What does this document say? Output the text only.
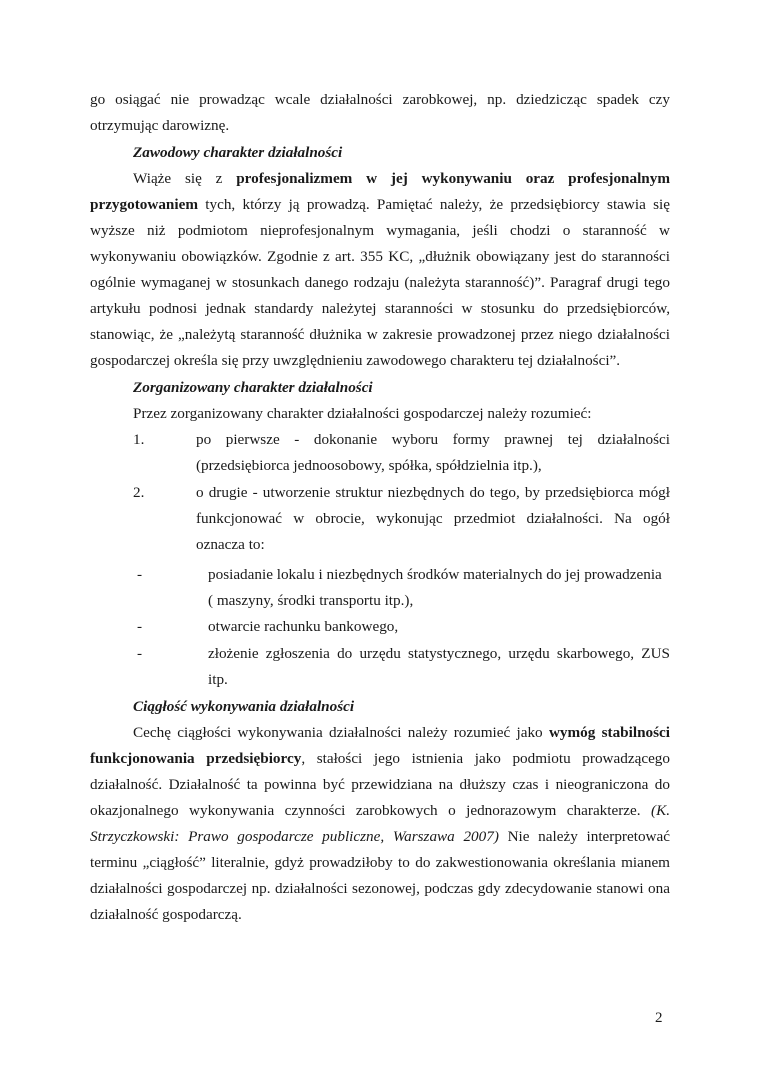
go osiągać nie prowadząc wcale działalności zarobkowej, np. dziedzicząc spadek czy
otrzymując darowiznę.
Zawodowy charakter działalności
Wiąże się z profesjonalizmem w jej wykonywaniu oraz profesjonalnym
przygotowaniem tych, którzy ją prowadzą. Pamiętać należy, że przedsiębiorcy stawia się
wyższe niż podmiotom nieprofesjonalnym wymagania, jeśli chodzi o staranność w
wykonywaniu obowiązków. Zgodnie z art. 355 KC, „dłużnik obowiązany jest do staranności
ogólnie wymaganej w stosunkach danego rodzaju (należyta staranność)”. Paragraf drugi tego
artykułu podnosi jednak standardy należytej staranności w stosunku do przedsiębiorców,
stanowiąc, że „należytą staranność dłużnika w zakresie prowadzonej przez niego działalności
gospodarczej określa się przy uwzględnieniu zawodowego charakteru tej działalności”.
Zorganizowany charakter działalności
Przez zorganizowany charakter działalności gospodarczej należy rozumieć:
1.	po pierwsze - dokonanie wyboru formy prawnej tej działalności
(przedsiębiorca jednoosobowy, spółka, spółdzielnia itp.),
2.	o drugie - utworzenie struktur niezbędnych do tego, by przedsiębiorca mógł
funkcjonować w obrocie, wykonując przedmiot działalności. Na ogół
oznacza to:
-	posiadanie lokalu i niezbędnych środków materialnych do jej prowadzenia
( maszyny, środki transportu itp.),
-	otwarcie rachunku bankowego,
-	złożenie zgłoszenia do urzędu statystycznego, urzędu skarbowego, ZUS
itp.
Ciągłość wykonywania działalności
Cechę ciągłości wykonywania działalności należy rozumieć jako wymóg stabilności
funkcjonowania przedsiębiorcy, stałości jego istnienia jako podmiotu prowadzącego
działalność. Działalność ta powinna być przewidziana na dłuższy czas i nieograniczona do
okazjonalnego wykonywania czynności zarobkowych o jednorazowym charakterze. (K.
Strzyczkowski: Prawo gospodarcze publiczne, Warszawa 2007) Nie należy interpretować
terminu „ciągłość” literalnie, gdyż prowadziłoby to do zakwestionowania określania mianem
działalności gospodarczej np. działalności sezonowej, podczas gdy zdecydowanie stanowi ona
działalność gospodarczą.
2
